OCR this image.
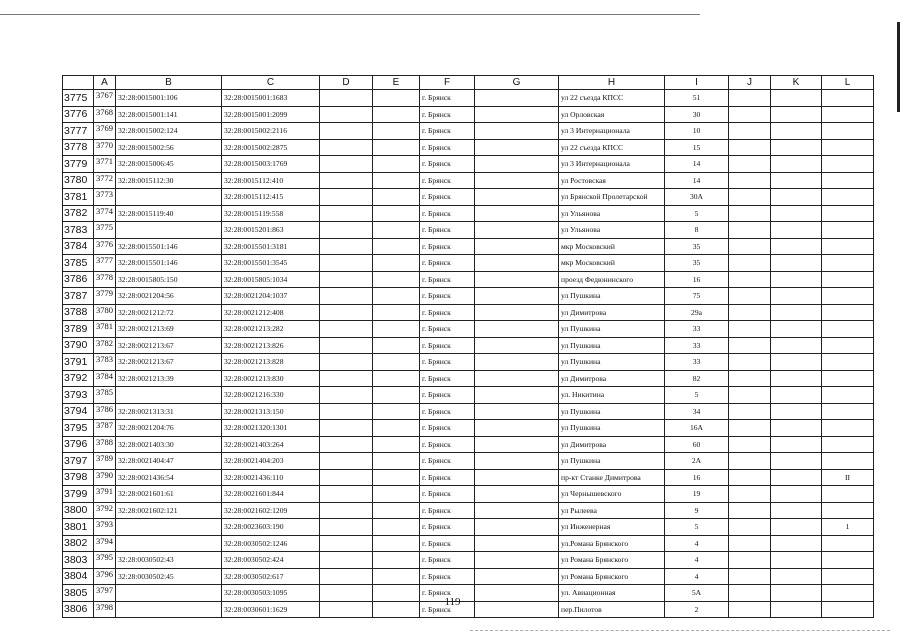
	A	B	C	D	E	F	G	H	I	J	K	L
3775	3767	32:28:0015001:106	32:28:0015001:1683			г. Брянск		ул 22 съезда КПСС	51			
3776	3768	32:28:0015001:141	32:28:0015001:2099			г. Брянск		ул Орловская	30			
3777	3769	32:28:0015002:124	32:28:0015002:2116			г. Брянск		ул 3 Интернационала	10			
3778	3770	32:28:0015002:56	32:28:0015002:2875			г. Брянск		ул 22 съезда КПСС	15			
3779	3771	32:28:0015006:45	32:28:0015003:1769			г. Брянск		ул 3 Интернационала	14			
3780	3772	32:28:0015112:30	32:28:0015112:410			г. Брянск		ул Ростовская	14			
3781	3773		32:28:0015112:415			г. Брянск		ул Брянской Пролетарской	30А			
3782	3774	32:28:0015119:40	32:28:0015119:558			г. Брянск		ул Ульянова	5			
3783	3775		32:28:0015201:863			г. Брянск		ул Ульянова	8			
3784	3776	32:28:0015501:146	32:28:0015501:3181			г. Брянск		мкр Московский	35			
3785	3777	32:28:0015501:146	32:28:0015501:3545			г. Брянск		мкр Московский	35			
3786	3778	32:28:0015805:150	32:28:0015805:1034			г. Брянск		проезд Федюнинского	16			
3787	3779	32:28:0021204:56	32:28:0021204:1037			г. Брянск		ул Пушкина	75			
3788	3780	32:28:0021212:72	32:28:0021212:408			г. Брянск		ул Димитрова	29а			
3789	3781	32:28:0021213:69	32:28:0021213:282			г. Брянск		ул Пушкина	33			
3790	3782	32:28:0021213:67	32:28:0021213:826			г. Брянск		ул Пушкина	33			
3791	3783	32:28:0021213:67	32:28:0021213:828			г. Брянск		ул Пушкина	33			
3792	3784	32:28:0021213:39	32:28:0021213:830			г. Брянск		ул Димитрова	82			
3793	3785		32:28:0021216:330			г. Брянск		ул. Никитина	5			
3794	3786	32:28:0021313:31	32:28:0021313:150			г. Брянск		ул Пушкина	34			
3795	3787	32:28:0021204:76	32:28:0021320:1301			г. Брянск		ул Пушкина	16А			
3796	3788	32:28:0021403:30	32:28:0021403:264			г. Брянск		ул Димитрова	60			
3797	3789	32:28:0021404:47	32:28:0021404:203			г. Брянск		ул Пушкина	2А			
3798	3790	32:28:0021436:54	32:28:0021436:110			г. Брянск		пр-кт Станке Димитрова	16			II
3799	3791	32:28:0021601:61	32:28:0021601:844			г. Брянск		ул Чернышевского	19			
3800	3792	32:28:0021602:121	32:28:0021602:1209			г. Брянск		ул Рылеева	9			
3801	3793		32:28:0023603:190			г. Брянск		ул Инженерная	5			1
3802	3794		32:28:0030502:1246			г. Брянск		ул.Романа Брянского	4			
3803	3795	32:28:0030502:43	32:28:0030502:424			г. Брянск		ул Романа Брянского	4			
3804	3796	32:28:0030502:45	32:28:0030502:617			г. Брянск		ул Романа Брянского	4			
3805	3797		32:28:0030503:1095			г. Брянск		ул. Авиационная	5А			
3806	3798		32:28:0030601:1629			г. Брянск		пер.Пилотов	2			
119
